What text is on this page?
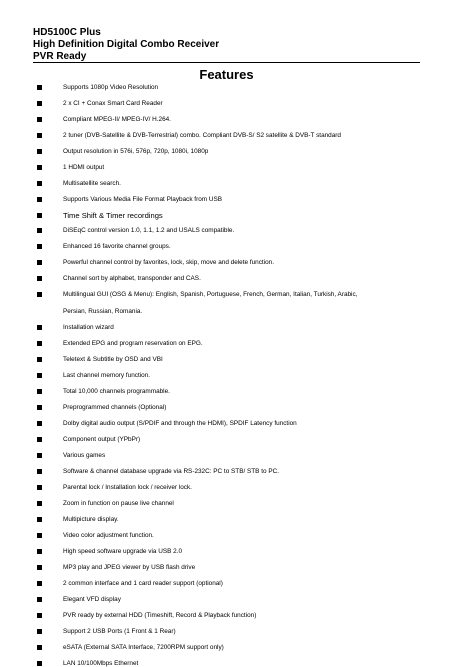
HD5100C Plus
High Definition Digital Combo Receiver
PVR Ready
Features
Supports 1080p Video Resolution
2 x CI + Conax Smart Card Reader
Compliant MPEG-II/ MPEG-IV/ H.264.
2 tuner (DVB-Satellite & DVB-Terrestrial) combo. Compliant DVB-S/ S2 satellite & DVB-T standard
Output resolution in 576i, 576p, 720p, 1080i, 1080p
1 HDMI output
Multisatellite search.
Supports Various Media File Format Playback from USB
Time Shift & Timer recordings
DiSEqC control version 1.0, 1.1, 1.2 and USALS compatible.
Enhanced 16 favorite channel groups.
Powerful channel control by favorites, lock, skip, move and delete function.
Channel sort by alphabet, transponder and CAS.
Multilingual GUI (OSG & Menu): English, Spanish, Portuguese, French, German, Italian, Turkish, Arabic,
Persian, Russian, Romania.
Installation wizard
Extended EPG and program reservation on EPG.
Teletext & Subtitle by OSD and VBI
Last channel memory function.
Total 10,000 channels programmable.
Preprogrammed channels (Optional)
Dolby digital audio output (S/PDIF and through the HDMI), SPDIF Latency function
Component output (YPbPr)
Various games
Software & channel database upgrade via RS-232C: PC to STB/ STB to PC.
Parental lock / Installation lock / receiver lock.
Zoom in function on pause live channel
Multipicture display.
Video color adjustment function.
High speed software upgrade via USB 2.0
MP3 play and JPEG viewer by USB flash drive
2 common interface and 1 card reader support (optional)
Elegant VFD display
PVR ready by external HDD (Timeshift, Record & Playback function)
Support 2 USB Ports (1 Front & 1 Rear)
eSATA (External SATA Interface, 7200RPM support only)
LAN 10/100Mbps Ethernet
